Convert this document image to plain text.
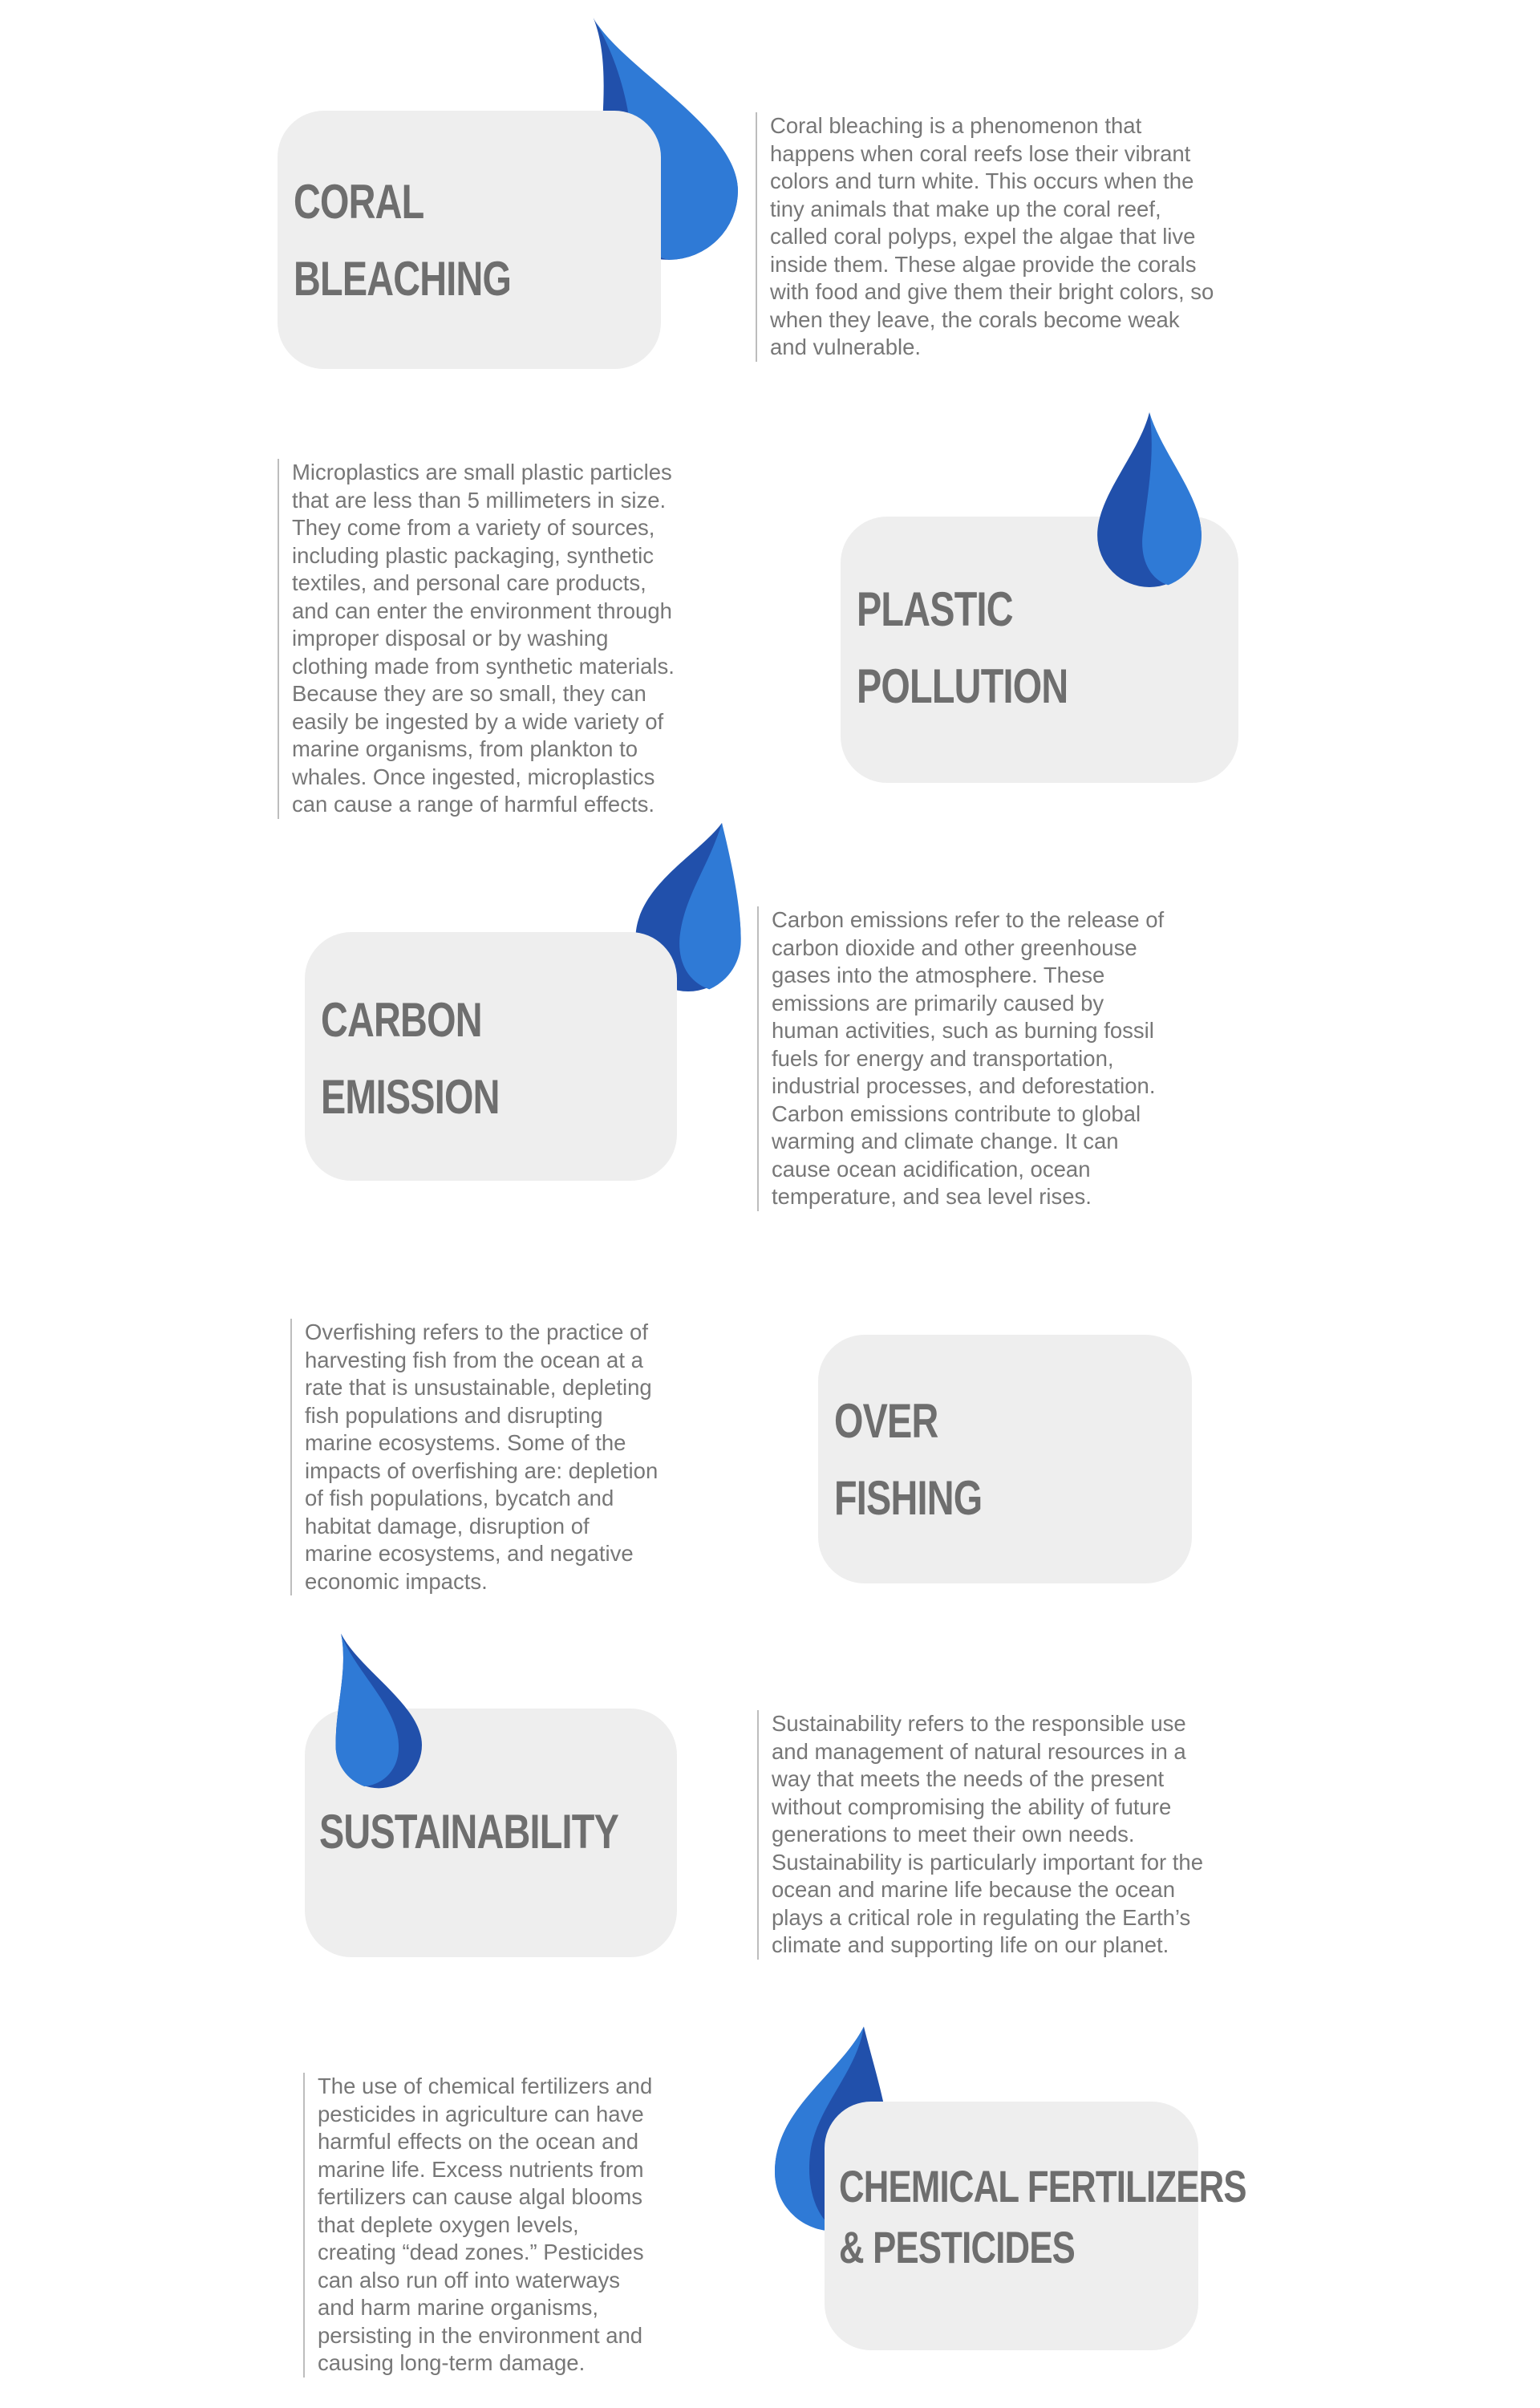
CORAL
BLEACHING
Coral bleaching is a phenomenon that
happens when coral reefs lose their vibrant
colors and turn white. This occurs when the
tiny animals that make up the coral reef,
called coral polyps, expel the algae that live
inside them. These algae provide the corals
with food and give them their bright colors, so
when they leave, the corals become weak
and vulnerable.
Microplastics are small plastic particles
that are less than 5 millimeters in size.
They come from a variety of sources,
including plastic packaging, synthetic
textiles, and personal care products,
and can enter the environment through
improper disposal or by washing
clothing made from synthetic materials.
Because they are so small, they can
easily be ingested by a wide variety of
marine organisms, from plankton to
whales. Once ingested, microplastics
can cause a range of harmful effects.
PLASTIC
POLLUTION
CARBON
EMISSION
Carbon emissions refer to the release of
carbon dioxide and other greenhouse
gases into the atmosphere. These
emissions are primarily caused by
human activities, such as burning fossil
fuels for energy and transportation,
industrial processes, and deforestation.
Carbon emissions contribute to global
warming and climate change. It can
cause ocean acidification, ocean
temperature, and sea level rises.
Overfishing refers to the practice of
harvesting fish from the ocean at a
rate that is unsustainable, depleting
fish populations and disrupting
marine ecosystems. Some of the
impacts of overfishing are: depletion
of fish populations, bycatch and
habitat damage, disruption of
marine ecosystems, and negative
economic impacts.
OVER
FISHING
SUSTAINABILITY
Sustainability refers to the responsible use
and management of natural resources in a
way that meets the needs of the present
without compromising the ability of future
generations to meet their own needs.
Sustainability is particularly important for the
ocean and marine life because the ocean
plays a critical role in regulating the Earth’s
climate and supporting life on our planet.
The use of chemical fertilizers and
pesticides in agriculture can have
harmful effects on the ocean and
marine life. Excess nutrients from
fertilizers can cause algal blooms
that deplete oxygen levels,
creating “dead zones.” Pesticides
can also run off into waterways
and harm marine organisms,
persisting in the environment and
causing long-term damage.
CHEMICAL FERTILIZERS
& PESTICIDES
